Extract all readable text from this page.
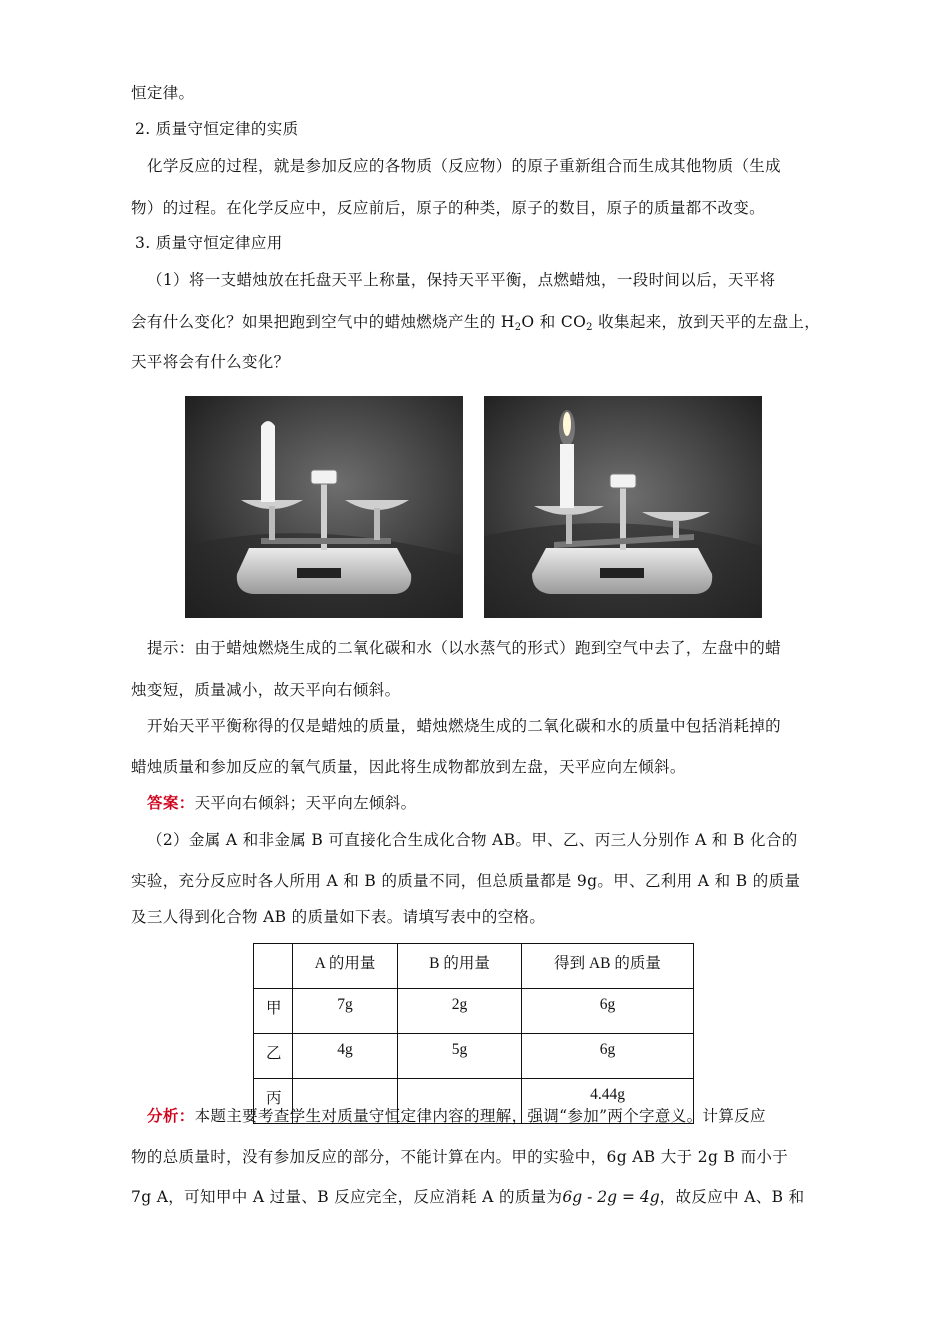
恒定律。
2. 质量守恒定律的实质
化学反应的过程，就是参加反应的各物质（反应物）的原子重新组合而生成其他物质（生成
物）的过程。在化学反应中，反应前后，原子的种类，原子的数目，原子的质量都不改变。
3. 质量守恒定律应用
（1）将一支蜡烛放在托盘天平上称量，保持天平平衡，点燃蜡烛，一段时间以后，天平将
会有什么变化？如果把跑到空气中的蜡烛燃烧产生的 $H_2O$ 和 $CO_2$ 收集起来，放到天平的左盘上，
天平将会有什么变化？
提示：由于蜡烛燃烧生成的二氧化碳和水（以水蒸气的形式）跑到空气中去了，左盘中的蜡
烛变短，质量减小，故天平向右倾斜。
开始天平平衡称得的仅是蜡烛的质量，蜡烛燃烧生成的二氧化碳和水的质量中包括消耗掉的
蜡烛质量和参加反应的氧气质量，因此将生成物都放到左盘，天平应向左倾斜。
答案：天平向右倾斜；天平向左倾斜。
（2）金属 A 和非金属 B 可直接化合生成化合物 AB。甲、乙、丙三人分别作 A 和 B 化合的
实验，充分反应时各人所用 A 和 B 的质量不同，但总质量都是 9g。甲、乙利用 A 和 B 的质量
及三人得到化合物 AB 的质量如下表。请填写表中的空格。
	A 的用量	B 的用量	得到 AB 的质量
甲	7g	2g	6g
乙	4g	5g	6g
丙			4.44g
分析：本题主要考查学生对质量守恒定律内容的理解，强调“参加”两个字意义。计算反应
物的总质量时，没有参加反应的部分，不能计算在内。甲的实验中，6g AB 大于 2g B 而小于
7g A，可知甲中 A 过量、B 反应完全，反应消耗 A 的质量为6g - 2g = 4g，故反应中 A、B 和
